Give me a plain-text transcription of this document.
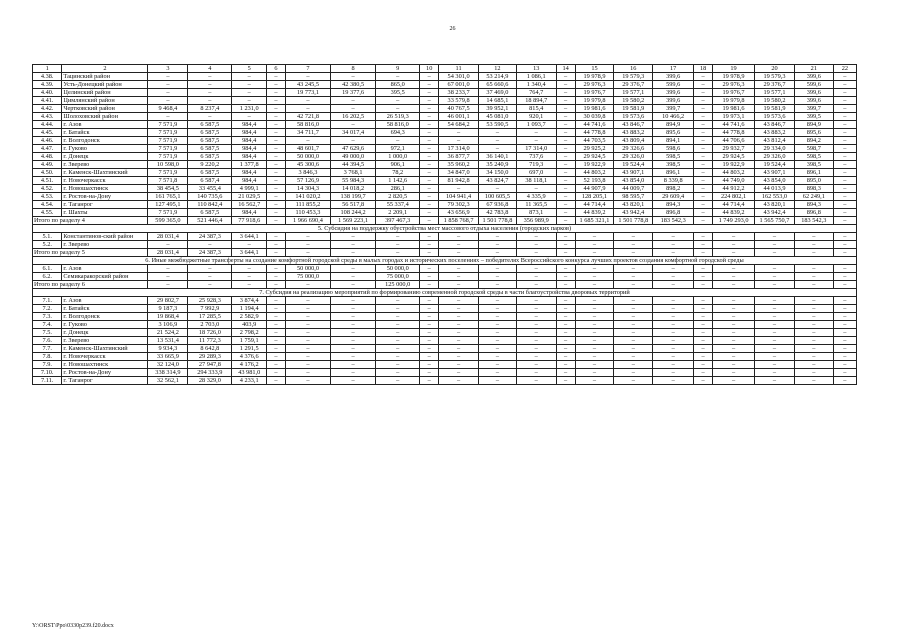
26
1	2	3	4	5	6	7	8	9	10	11	12	13	14	15	16	17	18	19	20	21	22
4.38.	Тацинский район	–	–	–	–	–	–	–	–	54 301,0	53 214,9	1 086,1	–	19 978,9	19 579,3	399,6	–	19 978,9	19 579,3	399,6	–
4.39.	Усть-Донецкий район	–	–	–	–	43 245,5	42 380,5	865,0	–	67 001,0	65 660,6	1 340,4	–	29 976,3	29 376,7	599,6	–	29 976,3	29 376,7	599,6	–
4.40.	Целинский район	–	–	–	–	19 773,1	19 377,6	395,5	–	38 233,7	37 469,0	764,7	–	19 976,7	19 577,1	399,6	–	19 976,7	19 577,1	399,6	–
4.41.	Цимлянский район	–	–	–	–	–	–	–	–	33 579,8	14 685,1	18 894,7	–	19 979,8	19 580,2	399,6	–	19 979,8	19 580,2	399,6	–
4.42.	Чертковский район	9 468,4	8 237,4	1 231,0	–	–	–	–	–	40 767,5	39 952,1	815,4	–	19 981,6	19 581,9	399,7	–	19 981,6	19 581,9	399,7	–
4.43.	Шолоховский район	–	–	–	–	42 721,8	16 202,5	26 519,3	–	46 001,1	45 081,0	920,1	–	30 039,8	19 573,6	10 466,2	–	19 973,1	19 573,6	399,5	–
4.44.	г. Азов	7 571,9	6 587,5	984,4	–	58 816,0	–	58 816,0	–	54 684,2	53 590,5	1 093,7	–	44 741,6	43 846,7	894,9	–	44 741,6	43 846,7	894,9	–
4.45.	г. Батайск	7 571,9	6 587,5	984,4	–	34 711,7	34 017,4	694,3	–	–	–	–	–	44 778,8	43 883,2	895,6	–	44 778,8	43 883,2	895,6	–
4.46.	г. Волгодонск	7 571,9	6 587,5	984,4	–	–	–	–	–	–	–	–	–	44 703,5	43 809,4	894,1	–	44 706,6	43 812,4	894,2	–
4.47.	г. Гуково	7 571,9	6 587,5	984,4	–	48 601,7	47 629,6	972,1	–	17 314,0	–	17 314,0	–	29 925,2	29 326,6	598,6	–	29 932,7	29 334,0	598,7	–
4.48.	г. Донецк	7 571,9	6 587,5	984,4	–	50 000,0	49 000,0	1 000,0	–	36 877,7	36 140,1	737,6	–	29 924,5	29 326,0	598,5	–	29 924,5	29 326,0	598,5	–
4.49.	г. Зверево	10 598,0	9 220,2	1 377,8	–	45 300,6	44 394,5	906,1	–	35 960,2	35 240,9	719,3	–	19 922,9	19 524,4	398,5	–	19 922,9	19 524,4	398,5	–
4.50.	г. Каменск-Шахтинский	7 571,9	6 587,5	984,4	–	3 846,3	3 768,1	78,2	–	34 847,0	34 150,0	697,0	–	44 803,2	43 907,1	896,1	–	44 803,2	43 907,1	896,1	–
4.51.	г. Новочеркасск	7 571,8	6 587,4	984,4	–	57 126,9	55 984,3	1 142,6	–	81 942,8	43 824,7	38 118,1	–	52 193,8	43 854,0	8 339,8	–	44 749,0	43 854,0	895,0	–
4.52.	г. Новошахтинск	38 454,5	33 455,4	4 999,1	–	14 304,3	14 018,2	286,1	–	–	–	–	–	44 907,9	44 009,7	898,2	–	44 912,2	44 013,9	898,3	–
4.53.	г. Ростов-на-Дону	161 765,1	140 735,6	21 029,5	–	141 020,2	138 199,7	2 820,5	–	104 941,4	100 605,5	4 335,9	–	128 205,1	98 595,7	29 609,4	–	224 802,1	162 553,0	62 249,1	–
4.54.	г. Таганрог	127 495,1	110 842,4	16 562,7	–	111 855,2	56 517,8	55 337,4	–	79 302,3	67 936,8	11 365,5	–	44 714,4	43 820,1	894,3	–	44 714,4	43 820,1	894,3	–
4.55.	г. Шахты	7 571,9	6 587,5	984,4	–	110 453,3	108 244,2	2 209,1	–	43 656,9	42 783,8	873,1	–	44 839,2	43 942,4	896,8	–	44 839,2	43 942,4	896,8	–
Итого по разделу 4		599 365,0	521 446,4	77 918,6	–	1 966 690,4	1 569 223,1	397 467,3	–	1 858 768,7	1 501 778,8	356 989,9	–	1 685 321,1	1 501 778,8	183 542,3	–	1 749 293,0	1 565 750,7	183 542,3	–
5. Субсидия на поддержку обустройства мест массового отдыха населения (городских парков)																					
5.1.	Константинов-ский район	28 031,4	24 387,3	3 644,1	–	–	–	–	–	–	–	–	–	–	–	–	–	–	–	–	–
5.2.	г. Зверево	–	–	–	–	–	–	–	–	–	–	–	–	–	–	–	–	–	–	–	–
Итого по разделу 5		28 031,4	24 387,3	3 644,1	–	–	–	–	–	–	–	–	–	–	–	–	–	–	–	–	–
6. Иные межбюджетные трансферты на создание комфортной городской среды в малых городах и исторических поселениях – победителях Всероссийского конкурса лучших проектов создания комфортной городской среды																					
6.1.	г. Азов	–	–	–	–	50 000,0	–	50 000,0	–	–	–	–	–	–	–	–	–	–	–	–	–
6.2.	Семикаракорский район	–	–	–	–	75 000,0	–	75 000,0	–	–	–	–	–	–	–	–	–	–	–	–	–
Итого по разделу 6		–	–	–	–	–	–	125 000,0	–	–	–	–	–	–	–	–	–	–	–	–	–
7. Субсидия на реализацию мероприятий по формированию современной городской среды в части благоустройства дворовых территорий																					
7.1.	г. Азов	29 802,7	25 928,3	3 874,4	–	–	–	–	–	–	–	–	–	–	–	–	–	–	–	–	–
7.2.	г. Батайск	9 187,3	7 992,9	1 194,4	–	–	–	–	–	–	–	–	–	–	–	–	–	–	–	–	–
7.3.	г. Волгодонск	19 868,4	17 285,5	2 582,9	–	–	–	–	–	–	–	–	–	–	–	–	–	–	–	–	–
7.4.	г. Гуково	3 106,9	2 703,0	403,9	–	–	–	–	–	–	–	–	–	–	–	–	–	–	–	–	–
7.5.	г. Донецк	21 524,2	18 726,0	2 798,2	–	–	–	–	–	–	–	–	–	–	–	–	–	–	–	–	–
7.6.	г. Зверево	13 531,4	11 772,3	1 759,1	–	–	–	–	–	–	–	–	–	–	–	–	–	–	–	–	–
7.7.	г. Каменск-Шахтинский	9 934,3	8 642,8	1 291,5	–	–	–	–	–	–	–	–	–	–	–	–	–	–	–	–	–
7.8.	г. Новочеркасск	33 665,9	29 289,3	4 376,6	–	–	–	–	–	–	–	–	–	–	–	–	–	–	–	–	–
7.9.	г. Новошахтинск	32 124,0	27 947,8	4 176,2	–	–	–	–	–	–	–	–	–	–	–	–	–	–	–	–	–
7.10.	г. Ростов-на-Дону	338 314,9	294 333,9	43 981,0	–	–	–	–	–	–	–	–	–	–	–	–	–	–	–	–	–
7.11.	г. Таганрог	32 562,1	28 329,0	4 233,1	–	–	–	–	–	–	–	–	–	–	–	–	–	–	–	–	–
Y:\ORST\Ppo\0330p239.f20.docx
